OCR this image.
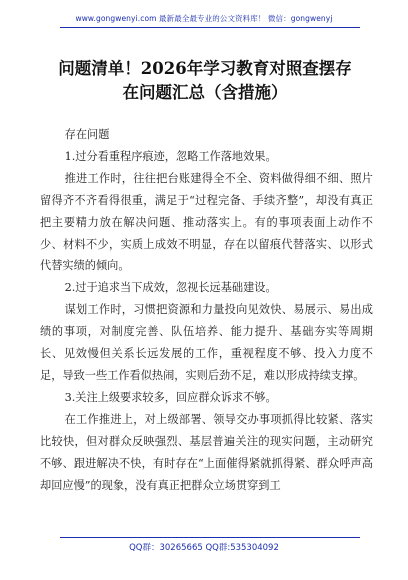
www.gongwenyi.com 最新最全最专业的公文资料库！ 微信：gongwenyj
问题清单！2026年学习教育对照查摆存
在问题汇总（含措施）

存在问题

1.过分看重程序痕迹，忽略工作落地效果。

推进工作时，往往把台账建得全不全、资料做得细不细、照片留得齐不齐看得很重，满足于“过程完备、手续齐整”，却没有真正把主要精力放在解决问题、推动落实上。有的事项表面上动作不少、材料不少，实质上成效不明显，存在以留痕代替落实、以形式代替实绩的倾向。

2.过于追求当下成效，忽视长远基础建设。

谋划工作时，习惯把资源和力量投向见效快、易展示、易出成绩的事项，对制度完善、队伍培养、能力提升、基础夯实等周期长、见效慢但关系长远发展的工作，重视程度不够、投入力度不足，导致一些工作看似热闹，实则后劲不足，难以形成持续支撑。

3.关注上级要求较多，回应群众诉求不够。

在工作推进上，对上级部署、领导交办事项抓得比较紧、落实比较快，但对群众反映强烈、基层普遍关注的现实问题，主动研究不够、跟进解决不快，有时存在“上面催得紧就抓得紧、群众呼声高却回应慢”的现象，没有真正把群众立场贯穿到工

QQ群：30265665 QQ群:535304092
